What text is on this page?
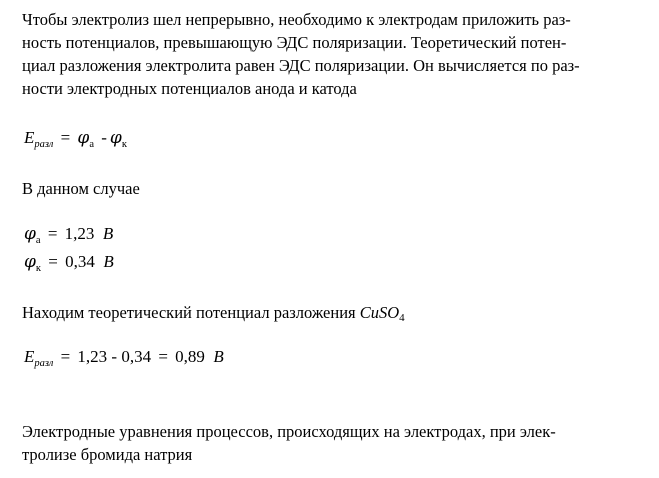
Чтобы электролиз шел непрерывно, необходимо к электродам приложить раз-
ность потенциалов, превышающую ЭДС поляризации. Теоретический потен-
циал разложения электролита равен ЭДС поляризации. Он вычисляется по раз-
ности электродных потенциалов анода и катода
$E_{разл} = \varphi_а - \varphi_к$
В данном случае
$\varphi_а = 1,23$ В
$\varphi_к = 0,34$ В
Находим теоретический потенциал разложения CuSO4
$E_{разл} = 1,23 - 0,34 = 0,89$ В
Электродные уравнения процессов, происходящих на электродах, при элек-
тролизе бромида натрия
